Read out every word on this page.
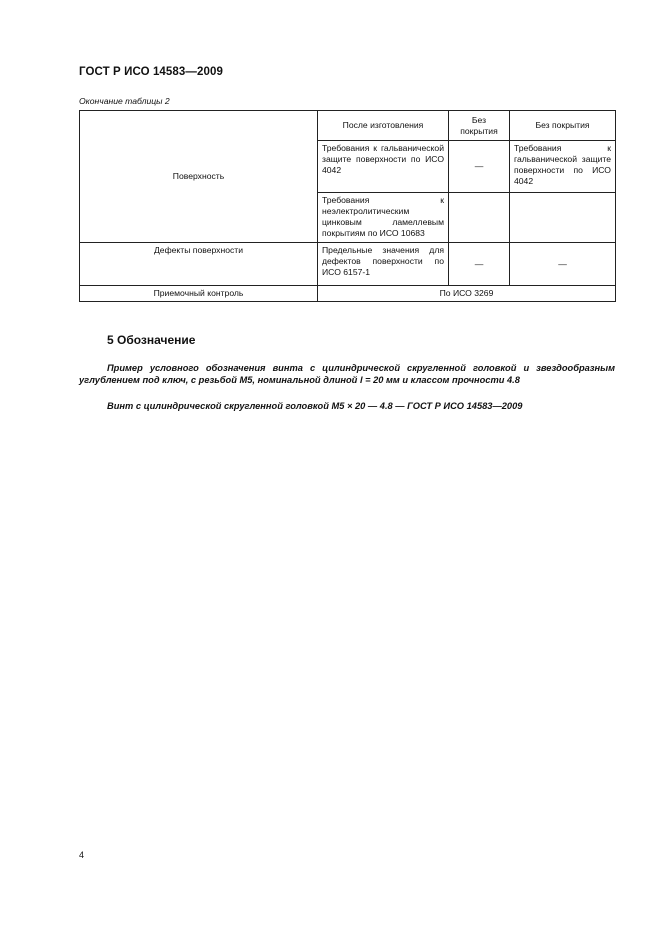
ГОСТ Р ИСО 14583—2009
Окончание таблицы 2
Поверхность	После изготовления	Без покрытия	Без покрытия
	Требования к гальванической защите поверхности по ИСО 4042	—	Требования к гальванической защите поверхности по ИСО 4042
	Требования к неэлектролитическим цинковым ламеллевым покрытиям по ИСО 10683		
Дефекты поверхности	Предельные значения для дефектов поверхности по ИСО 6157-1	—	—
Приемочный контроль	По ИСО 3269		
5 Обозначение

Пример условного обозначения винта с цилиндрической скругленной головкой и звездообразным углублением под ключ, с резьбой M5, номинальной длиной l = 20 мм и классом прочности 4.8

Винт с цилиндрической скругленной головкой М5 × 20 — 4.8 — ГОСТ Р ИСО 14583—2009

4
